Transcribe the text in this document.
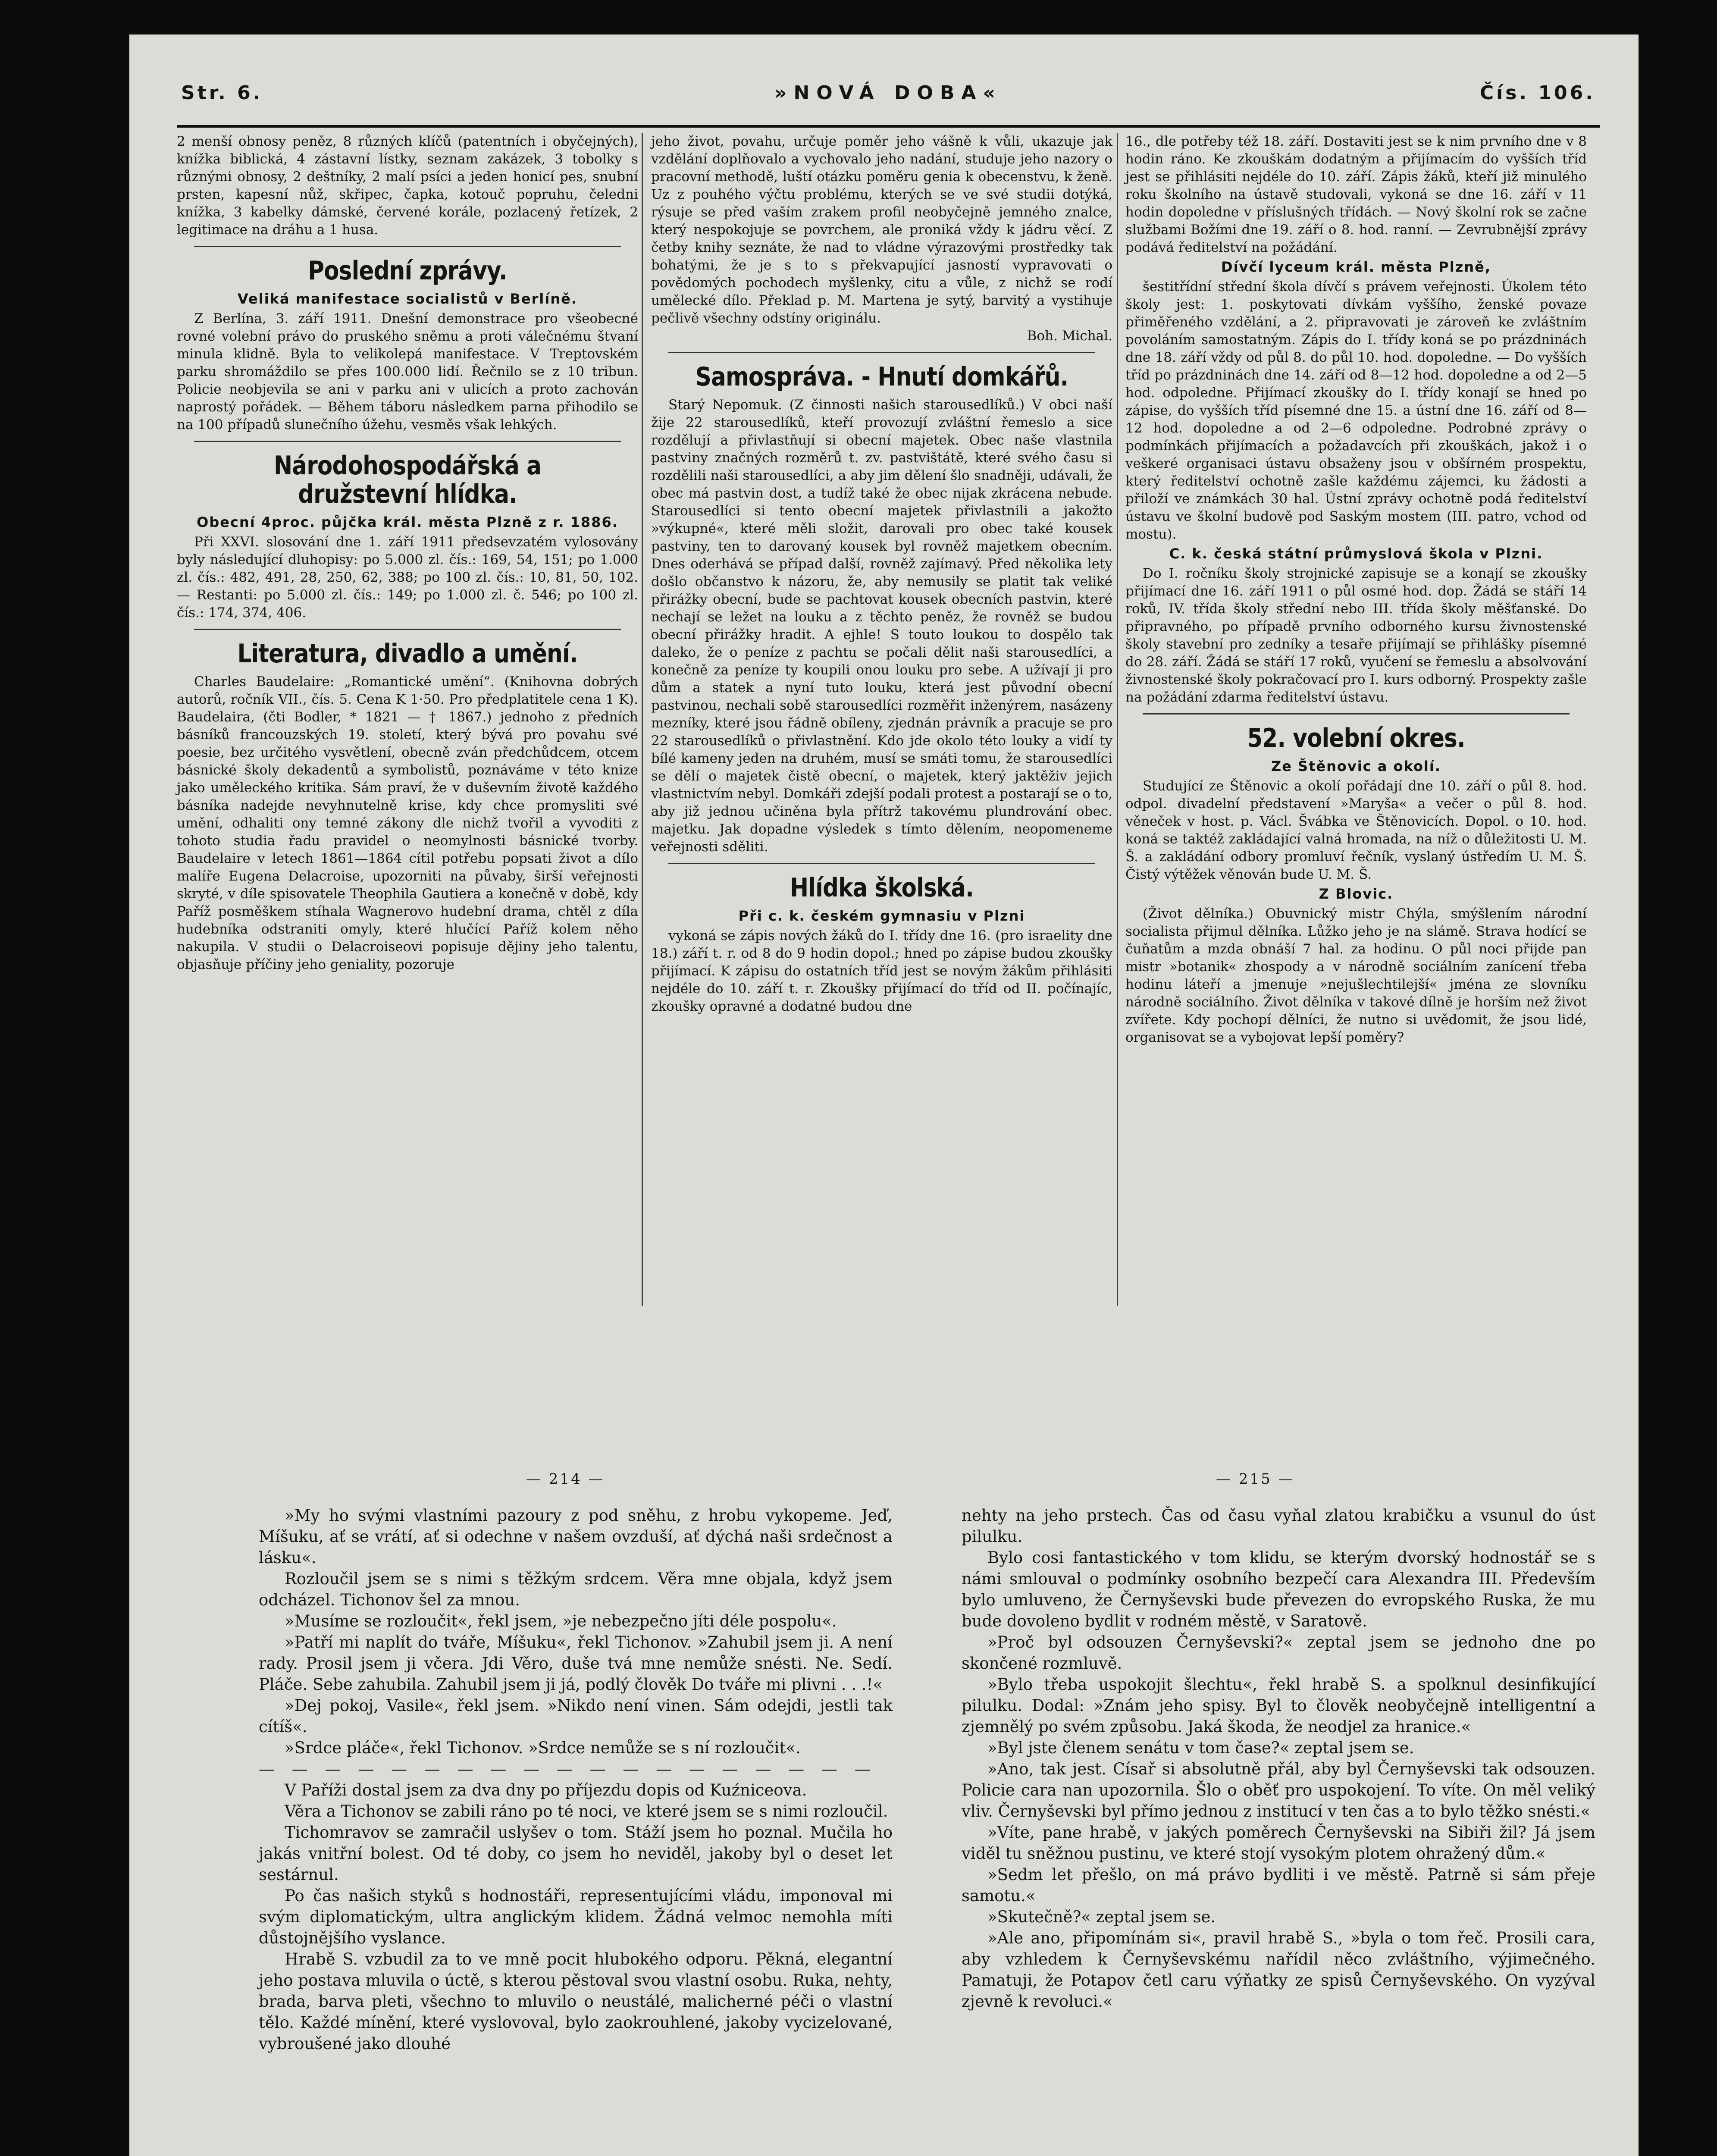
Str. 6.	»NOVÁ DOBA«	Čís. 106.

2 menší obnosy peněz, 8 různých klíčů (patentních i obyčejných), knížka biblická, 4 zástavní lístky, seznam zakázek, 3 tobolky s různými obnosy, 2 deštníky, 2 malí psíci a jeden honicí pes, snubní prsten, kapesní nůž, skřipec, čapka, kotouč popruhu, čeledni knížka, 3 kabelky dámské, červené korále, pozlacený řetízek, 2 legitimace na dráhu a 1 husa.

Poslední zprávy.
Veliká manifestace socialistů v Berlíně.

Z Berlína, 3. září 1911. Dnešní demonstrace pro všeobecné rovné volební právo do pruského sněmu a proti válečnému štvaní minula klidně. Byla to velikolepá manifestace. V Treptovském parku shromáždilo se přes 100.000 lidí. Řečnilo se z 10 tribun. Policie neobjevila se ani v parku ani v ulicích a proto zachován naprostý pořádek. — Během táboru následkem parna přihodilo se na 100 případů slunečního úžehu, vesměs však lehkých.

Národohospodářská a družstevní hlídka.
Obecní 4proc. půjčka král. města Plzně z r. 1886.

Při XXVI. slosování dne 1. září 1911 předsevzatém vylosovány byly následující dluhopisy: po 5.000 zl. čís.: 169, 54, 151; po 1.000 zl. čís.: 482, 491, 28, 250, 62, 388; po 100 zl. čís.: 10, 81, 50, 102. — Restanti: po 5.000 zl. čís.: 149; po 1.000 zl. č. 546; po 100 zl. čís.: 174, 374, 406.

Literatura, divadlo a umění.

Charles Baudelaire: „Romantické umění“. (Knihovna dobrých autorů, ročník VII., čís. 5. Cena K 1·50. Pro předplatitele cena 1 K). Baudelaira, (čti Bodler, * 1821 — † 1867.) jednoho z předních básníků francouzských 19. století, který bývá pro povahu své poesie, bez určitého vysvětlení, obecně zván předchůdcem, otcem básnické školy dekadentů a symbolistů, poznáváme v této knize jako uměleckého kritika. Sám praví, že v duševním životě každého básníka nadejde nevyhnutelně krise, kdy chce promysliti své umění, odhaliti ony temné zákony dle nichž tvořil a vyvoditi z tohoto studia řadu pravidel o neomylnosti básnické tvorby. Baudelaire v letech 1861—1864 cítil potřebu popsati život a dílo malíře Eugena Delacroise, upozorniti na půvaby, širší veřejnosti skryté, v díle spisovatele Theophila Gautiera a konečně v době, kdy Paříž posměškem stíhala Wagnerovo hudební drama, chtěl z díla hudebníka odstraniti omyly, které hlučící Paříž kolem něho nakupila. V studii o Delacroiseovi popisuje dějiny jeho talentu, objasňuje příčiny jeho geniality, pozoruje

jeho život, povahu, určuje poměr jeho vášně k vůli, ukazuje jak vzdělání doplňovalo a vychovalo jeho nadání, studuje jeho nazory o pracovní methodě, luští otázku poměru genia k obecenstvu, k ženě. Uz z pouhého výčtu problému, kterých se ve své studii dotýká, rýsuje se před vaším zrakem profil neobyčejně jemného znalce, který nespokojuje se povrchem, ale proniká vždy k jádru věcí. Z četby knihy seznáte, že nad to vládne výrazovými prostředky tak bohatými, že je s to s překvapující jasností vypravovati o povědomých pochodech myšlenky, citu a vůle, z nichž se rodí umělecké dílo. Překlad p. M. Martena je sytý, barvitý a vystihuje pečlivě všechny odstíny originálu.

Boh. Michal.

Samospráva. - Hnutí domkářů.

Starý Nepomuk. (Z činnosti našich starousedlíků.) V obci naší žije 22 starousedlíků, kteří provozují zvláštní řemeslo a sice rozdělují a přivlastňují si obecní majetek. Obec naše vlastnila pastviny značných rozměrů t. zv. pastvištátě, které svého času si rozdělili naši starousedlíci, a aby jim dělení šlo snadněji, udávali, že obec má pastvin dost, a tudíž také že obec nijak zkrácena nebude. Starousedlíci si tento obecní majetek přivlastnili a jakožto »výkupné«, které měli složit, darovali pro obec také kousek pastviny, ten to darovaný kousek byl rovněž majetkem obecním. Dnes oderhává se případ další, rovněž zajímavý. Před několika lety došlo občanstvo k názoru, že, aby nemusily se platit tak veliké přirážky obecní, bude se pachtovat kousek obecních pastvin, které nechají se ležet na louku a z těchto peněz, že rovněž se budou obecní přirážky hradit. A ejhle! S touto loukou to dospělo tak daleko, že o peníze z pachtu se počali dělit naši starousedlíci, a konečně za peníze ty koupili onou louku pro sebe. A užívají ji pro dům a statek a nyní tuto louku, která jest původní obecní pastvinou, nechali sobě starousedlíci rozměřit inženýrem, nasázeny mezníky, které jsou řádně obíleny, zjednán právník a pracuje se pro 22 starousedlíků o přivlastnění. Kdo jde okolo této louky a vidí ty bílé kameny jeden na druhém, musí se smáti tomu, že starousedlíci se dělí o majetek čistě obecní, o majetek, který jaktěživ jejich vlastnictvím nebyl. Domkáři zdejší podali protest a postarají se o to, aby již jednou učiněna byla přítrž takovému plundrování obec. majetku. Jak dopadne výsledek s tímto dělením, neopomeneme veřejnosti sděliti.

Hlídka školská.
Při c. k. českém gymnasiu v Plzni

vykoná se zápis nových žáků do I. třídy dne 16. (pro israelity dne 18.) září t. r. od 8 do 9 hodin dopol.; hned po zápise budou zkoušky přijímací. K zápisu do ostatních tříd jest se novým žákům přihlásiti nejdéle do 10. září t. r. Zkoušky přijímací do tříd od II. počínajíc, zkoušky opravné a dodatné budou dne

16., dle potřeby též 18. září. Dostaviti jest se k nim prvního dne v 8 hodin ráno. Ke zkouškám dodatným a přijímacím do vyšších tříd jest se přihlásiti nejdéle do 10. září. Zápis žáků, kteří již minulého roku školního na ústavě studovali, vykoná se dne 16. září v 11 hodin dopoledne v příslušných třídách. — Nový školní rok se začne službami Božími dne 19. září o 8. hod. ranní. — Zevrubnější zprávy podává ředitelství na požádání.

Dívčí lyceum král. města Plzně,

šestitřídní střední škola dívčí s právem veřejnosti. Úkolem této školy jest: 1. poskytovati dívkám vyššího, ženské povaze přiměřeného vzdělání, a 2. připravovati je zároveň ke zvláštním povoláním samostatným. Zápis do I. třídy koná se po prázdninách dne 18. září vždy od půl 8. do půl 10. hod. dopoledne. — Do vyšších tříd po prázdninách dne 14. září od 8—12 hod. dopoledne a od 2—5 hod. odpoledne. Přijímací zkoušky do I. třídy konají se hned po zápise, do vyšších tříd písemné dne 15. a ústní dne 16. září od 8—12 hod. dopoledne a od 2—6 odpoledne. Podrobné zprávy o podmínkách přijímacích a požadavcích při zkouškách, jakož i o veškeré organisaci ústavu obsaženy jsou v obšírném prospektu, který ředitelství ochotně zašle každému zájemci, ku žádosti a přiloží ve známkách 30 hal. Ústní zprávy ochotně podá ředitelství ústavu ve školní budově pod Saským mostem (III. patro, vchod od mostu).

C. k. česká státní průmyslová škola v Plzni.

Do I. ročníku školy strojnické zapisuje se a konají se zkoušky přijímací dne 16. září 1911 o půl osmé hod. dop. Žádá se stáří 14 roků, IV. třída školy střední nebo III. třída školy měšťanské. Do připravného, po případě prvního odborného kursu živnostenské školy stavební pro zedníky a tesaře přijímají se přihlášky písemné do 28. září. Žádá se stáří 17 roků, vyučení se řemeslu a absolvování živnostenské školy pokračovací pro I. kurs odborný. Prospekty zašle na požádání zdarma ředitelství ústavu.

52. volební okres.
Ze Štěnovic a okolí.

Studující ze Štěnovic a okolí pořádají dne 10. září o půl 8. hod. odpol. divadelní představení »Maryša« a večer o půl 8. hod. věneček v host. p. Václ. Švábka ve Štěnovicích. Dopol. o 10. hod. koná se taktéž zakládající valná hromada, na níž o důležitosti U. M. Š. a zakládání odbory promluví řečník, vyslaný ústředím U. M. Š. Čistý výtěžek věnován bude U. M. Š.

Z Blovic.

(Život dělníka.) Obuvnický mistr Chýla, smýšlením národní socialista přijmul dělníka. Lůžko jeho je na slámě. Strava hodící se čuňatům a mzda obnáší 7 hal. za hodinu. O půl noci přijde pan mistr »botanik« zhospody a v národně sociálním zanícení třeba hodinu láteří a jmenuje »nejušlechtilejší« jména ze slovníku národně sociálního. Život dělníka v takové dílně je horším než život zvířete. Kdy pochopí dělníci, že nutno si uvědomit, že jsou lidé, organisovat se a vybojovat lepší poměry?

— 214 —	— 215 —

»My ho svými vlastními pazoury z pod sněhu, z hrobu vykopeme. Jeď, Míšuku, ať se vrátí, ať si odechne v našem ovzduší, ať dýchá naši srdečnost a lásku«.

Rozloučil jsem se s nimi s těžkým srdcem. Věra mne objala, když jsem odcházel. Tichonov šel za mnou.

»Musíme se rozloučit«, řekl jsem, »je nebezpečno jíti déle pospolu«.

»Patří mi naplít do tváře, Míšuku«, řekl Tichonov. »Zahubil jsem ji. A není rady. Prosil jsem ji včera. Jdi Věro, duše tvá mne nemůže snésti. Ne. Sedí. Pláče. Sebe zahubila. Zahubil jsem ji já, podlý člověk Do tváře mi plivni . . .!«

»Dej pokoj, Vasile«, řekl jsem. »Nikdo není vinen. Sám odejdi, jestli tak cítíš«.

»Srdce pláče«, řekl Tichonov. »Srdce nemůže se s ní rozloučit«.

— — — — — — — — — — — — — — — — — — —

V Paříži dostal jsem za dva dny po příjezdu dopis od Kuźniceova.

Věra a Tichonov se zabili ráno po té noci, ve které jsem se s nimi rozloučil.

Tichomravov se zamračil uslyšev o tom. Stáží jsem ho poznal. Mučila ho jakás vnitřní bolest. Od té doby, co jsem ho neviděl, jakoby byl o deset let sestárnul.

Po čas našich styků s hodnostáři, representujícími vládu, imponoval mi svým diplomatickým, ultra anglickým klidem. Žádná velmoc nemohla míti důstojnějšího vyslance.

Hrabě S. vzbudil za to ve mně pocit hlubokého odporu. Pěkná, elegantní jeho postava mluvila o úctě, s kterou pěstoval svou vlastní osobu. Ruka, nehty, brada, barva pleti, všechno to mluvilo o neustálé, malicherné péči o vlastní tělo. Každé mínění, které vyslovoval, bylo zaokrouhlené, jakoby vycizelované, vybroušené jako dlouhé

nehty na jeho prstech. Čas od času vyňal zlatou krabičku a vsunul do úst pilulku.

Bylo cosi fantastického v tom klidu, se kterým dvorský hodnostář se s námi smlouval o podmínky osobního bezpečí cara Alexandra III. Především bylo umluveno, že Černyševski bude převezen do evropského Ruska, že mu bude dovoleno bydlit v rodném městě, v Saratově.

»Proč byl odsouzen Černyševski?« zeptal jsem se jednoho dne po skončené rozmluvě.

»Bylo třeba uspokojit šlechtu«, řekl hrabě S. a spolknul desinfikující pilulku. Dodal: »Znám jeho spisy. Byl to člověk neobyčejně intelligentní a zjemnělý po svém způsobu. Jaká škoda, že neodjel za hranice.«

»Byl jste členem senátu v tom čase?« zeptal jsem se.

»Ano, tak jest. Císař si absolutně přál, aby byl Černyševski tak odsouzen. Policie cara nan upozornila. Šlo o oběť pro uspokojení. To víte. On měl veliký vliv. Černyševski byl přímo jednou z institucí v ten čas a to bylo těžko snésti.«

»Víte, pane hrabě, v jakých poměrech Černyševski na Sibiři žil? Já jsem viděl tu sněžnou pustinu, ve které stojí vysokým plotem ohražený dům.«

»Sedm let přešlo, on má právo bydliti i ve městě. Patrně si sám přeje samotu.«

»Skutečně?« zeptal jsem se.

»Ale ano, připomínám si«, pravil hrabě S., »byla o tom řeč. Prosili cara, aby vzhledem k Černyševskému nařídil něco zvláštního, výjimečného. Pamatuji, že Potapov četl caru výňatky ze spisů Černyševského. On vyzýval zjevně k revoluci.«
